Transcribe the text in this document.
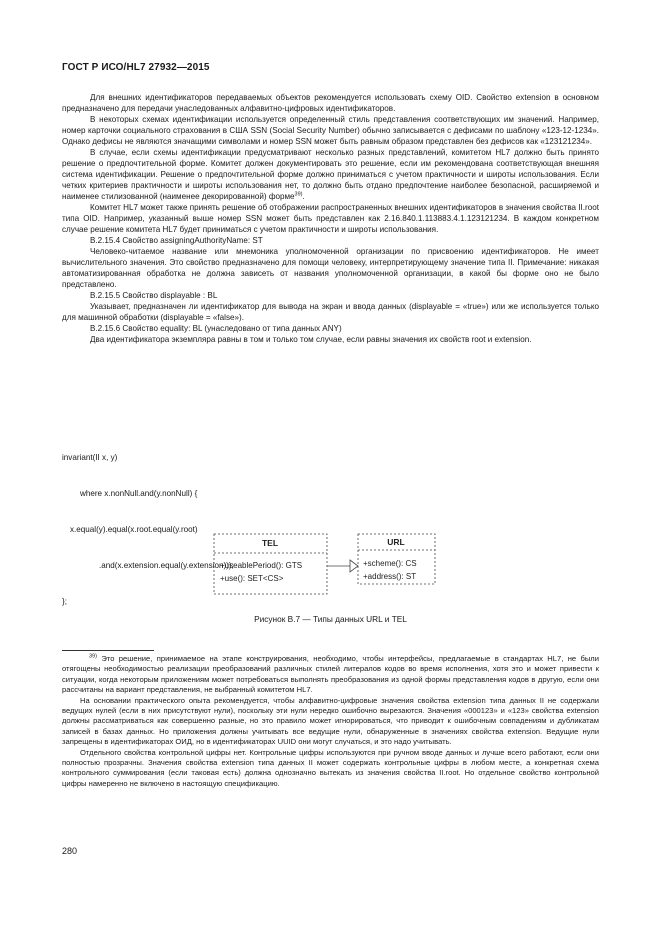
ГОСТ Р ИСО/HL7 27932—2015

Для внешних идентификаторов передаваемых объектов рекомендуется использовать схему OID. Свойство extension в основном предназначено для передачи унаследованных алфавитно-цифровых идентификаторов.

В некоторых схемах идентификации используется определенный стиль представления соответствующих им значений. Например, номер карточки социального страхования в США SSN (Social Security Number) обычно записывается с дефисами по шаблону «123-12-1234». Однако дефисы не являются значащими символами и номер SSN может быть равным образом представлен без дефисов как «123121234».

В случае, если схемы идентификации предусматривают несколько разных представлений, комитетом HL7 должно быть принято решение о предпочтительной форме. Комитет должен документировать это решение, если им рекомендована соответствующая внешняя система идентификации. Решение о предпочтительной форме должно приниматься с учетом практичности и широты использования. Если четких критериев практичности и широты использования нет, то должно быть отдано предпочтение наиболее безопасной, расширяемой и наименее стилизованной (наименее декорированной) форме$^{39)}$.

Комитет HL7 может также принять решение об отображении распространенных внешних идентификаторов в значения свойства II.root типа OID. Например, указанный выше номер SSN может быть представлен как 2.16.840.1.113883.4.1.123121234. В каждом конкретном случае решение комитета HL7 будет приниматься с учетом практичности и широты использования.

B.2.15.4 Свойство assigningAuthorityName: ST

Человеко-читаемое название или мнемоника уполномоченной организации по присвоению идентификаторов. Не имеет вычислительного значения. Это свойство предназначено для помощи человеку, интерпретирующему значение типа II. Примечание: никакая автоматизированная обработка не должна зависеть от названия уполномоченной организации, в какой бы форме оно не было представлено.

B.2.15.5 Свойство displayable : BL

Указывает, предназначен ли идентификатор для вывода на экран и ввода данных (displayable = «true») или же используется только для машинной обработки (displayable = «false»).

B.2.15.6 Свойство equality: BL (унаследовано от типа данных ANY)

Два идентификатора экземпляра равны в том и только том случае, если равны значения их свойств root и extension.

invariant(II x, y)

where x.nonNull.and(y.nonNull) {

x.equal(y).equal(x.root.equal(y.root)

.and(x.extension.equal(y.extension)));

};

TEL
+useablePeriod(): GTS
+use(): SET<CS>
URL
+scheme(): CS
+address(): ST
Рисунок В.7 — Типы данных URL и TEL

$^{39)}$ Это решение, принимаемое на этапе конструирования, необходимо, чтобы интерфейсы, предлагаемые в стандартах HL7, не были отягощены необходимостью реализации преобразований различных стилей литералов кодов во время исполнения, хотя это и может привести к ситуации, когда некоторым приложениям может потребоваться выполнять преобразования из одной формы представления кодов в другую, если они рассчитаны на вариант представления, не выбранный комитетом HL7.

На основании практического опыта рекомендуется, чтобы алфавитно-цифровые значения свойства extension типа данных II не содержали ведущих нулей (если в них присутствуют нули), поскольку эти нули нередко ошибочно вырезаются. Значения «000123» и «123» свойства extension должны рассматриваться как совершенно разные, но это правило может игнорироваться, что приводит к ошибочным совпадениям и дубликатам записей в базах данных. Но приложения должны учитывать все ведущие нули, обнаруженные в значениях свойства extension. Ведущие нули запрещены в идентификаторах ОИД, но в идентификаторах UUID они могут случаться, и это надо учитывать.

Отдельного свойства контрольной цифры нет. Контрольные цифры используются при ручном вводе данных и лучше всего работают, если они полностью прозрачны. Значения свойства extension типа данных II может содержать контрольные цифры в любом месте, а конкретная схема контрольного суммирования (если таковая есть) должна однозначно вытекать из значения свойства II.root. Но отдельное свойство контрольной цифры намеренно не включено в настоящую спецификацию.

280
